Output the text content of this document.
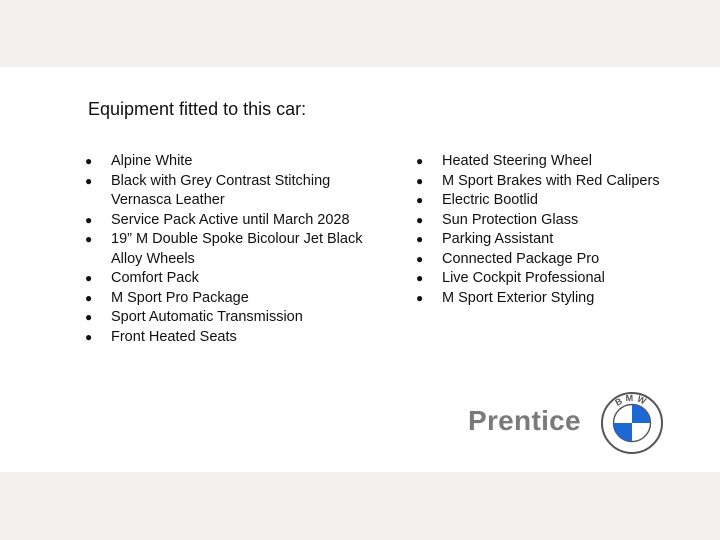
Equipment fitted to this car:
● Alpine White
● Black with Grey Contrast Stitching
Vernasca Leather
● Service Pack Active until March 2028
● 19” M Double Spoke Bicolour Jet Black
Alloy Wheels
● Comfort Pack
● M Sport Pro Package
● Sport Automatic Transmission
● Front Heated Seats
● Heated Steering Wheel
● M Sport Brakes with Red Calipers
● Electric Bootlid
● Sun Protection Glass
● Parking Assistant
● Connected Package Pro
● Live Cockpit Professional
● M Sport Exterior Styling
Prentice
BMW
